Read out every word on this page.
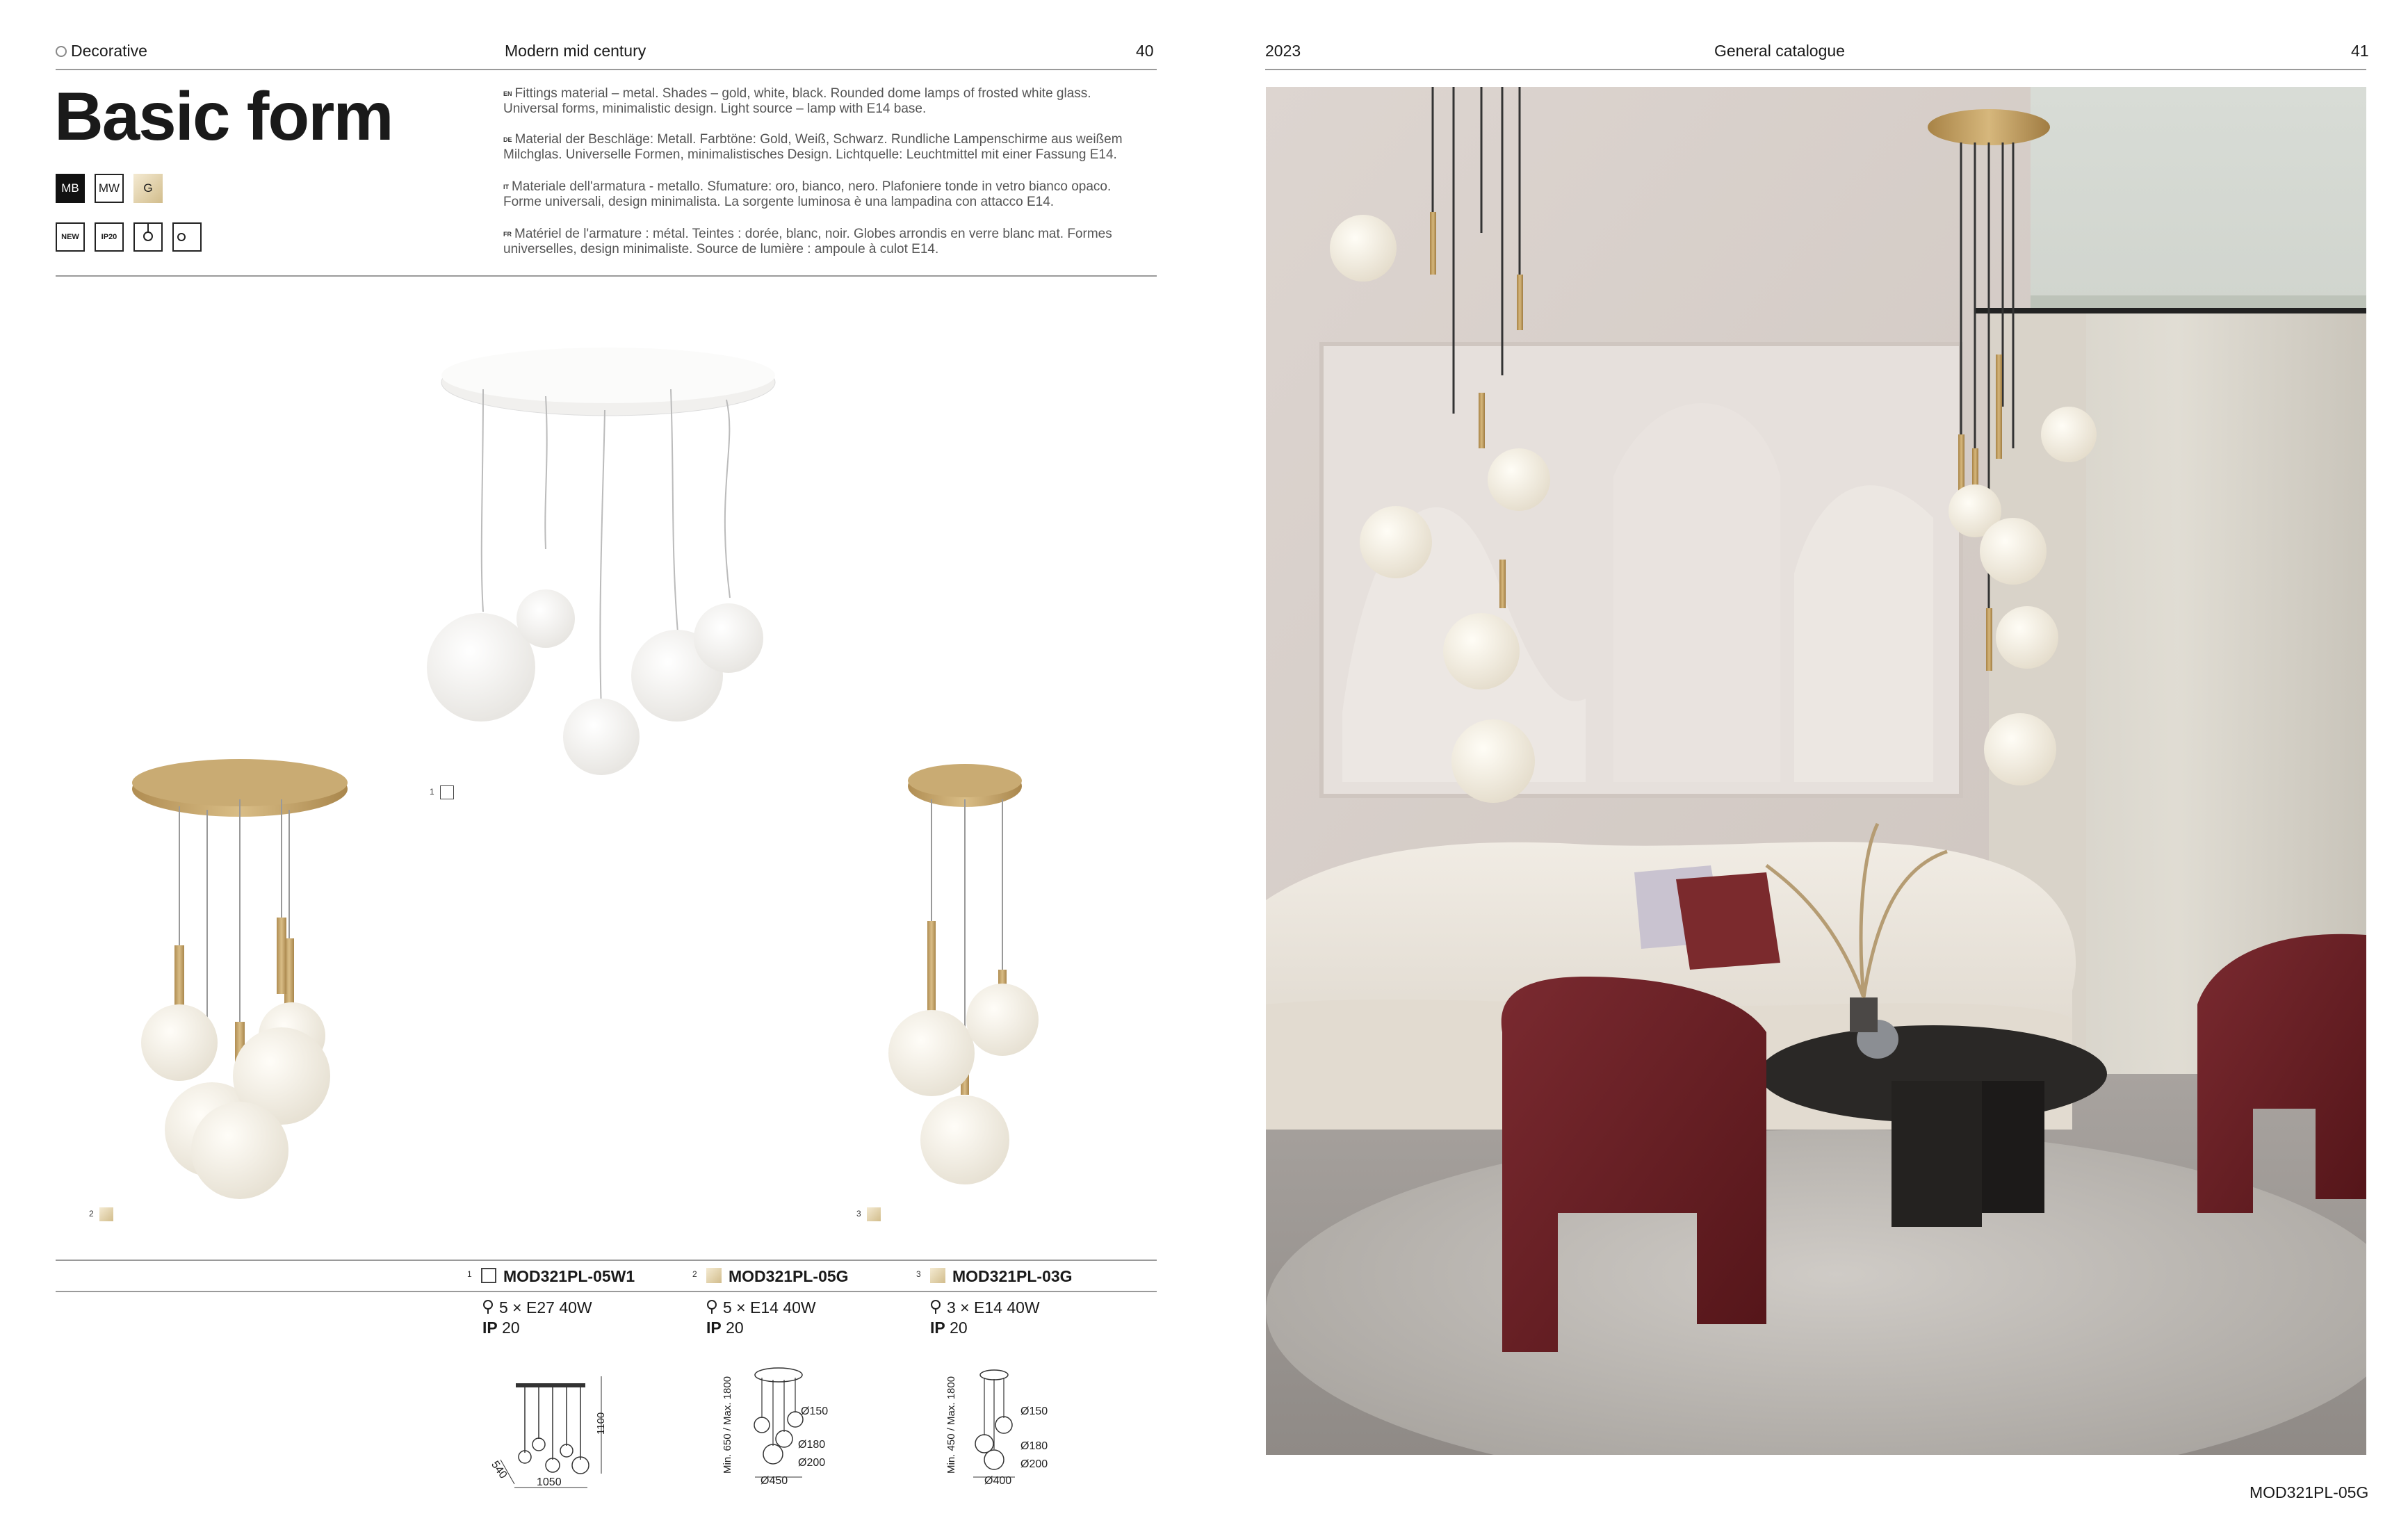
Decorative	Modern mid century	40
Basic form
MB MW G
NEW	IP20
$^{EN}$ Fittings material – metal. Shades – gold, white, black. Rounded dome lamps of frosted white glass.
Universal forms, minimalistic design. Light source – lamp with E14 base.
$^{DE}$ Material der Beschläge: Metall. Farbtöne: Gold, Weiß, Schwarz. Rundliche Lampenschirme aus weißem
Milchglas. Universelle Formen, minimalistisches Design. Lichtquelle: Leuchtmittel mit einer Fassung E14.
$^{IT}$ Materiale dell'armatura - metallo. Sfumature: oro, bianco, nero. Plafoniere tonde in vetro bianco opaco.
Forme universali, design minimalista. La sorgente luminosa è una lampadina con attacco E14.
$^{FR}$ Matériel de l'armature : métal. Teintes : dorée, blanc, noir. Globes arrondis en verre blanc mat. Formes
universelles, design minimaliste. Source de lumière : ampoule à culot E14.
1
2	3
1 MOD321PL-05W1
5 × E27 40W
IP 20
1050
1100
540
2 MOD321PL-05G
5 × E14 40W
IP 20
Min. 650 / Max. 1800	Ø150
Ø180
Ø200
Ø450
3 MOD321PL-03G
3 × E14 40W
IP 20
Min. 450 / Max. 1800	Ø150
Ø180
Ø200
Ø400
2023	General catalogue	41
MOD321PL-05G
